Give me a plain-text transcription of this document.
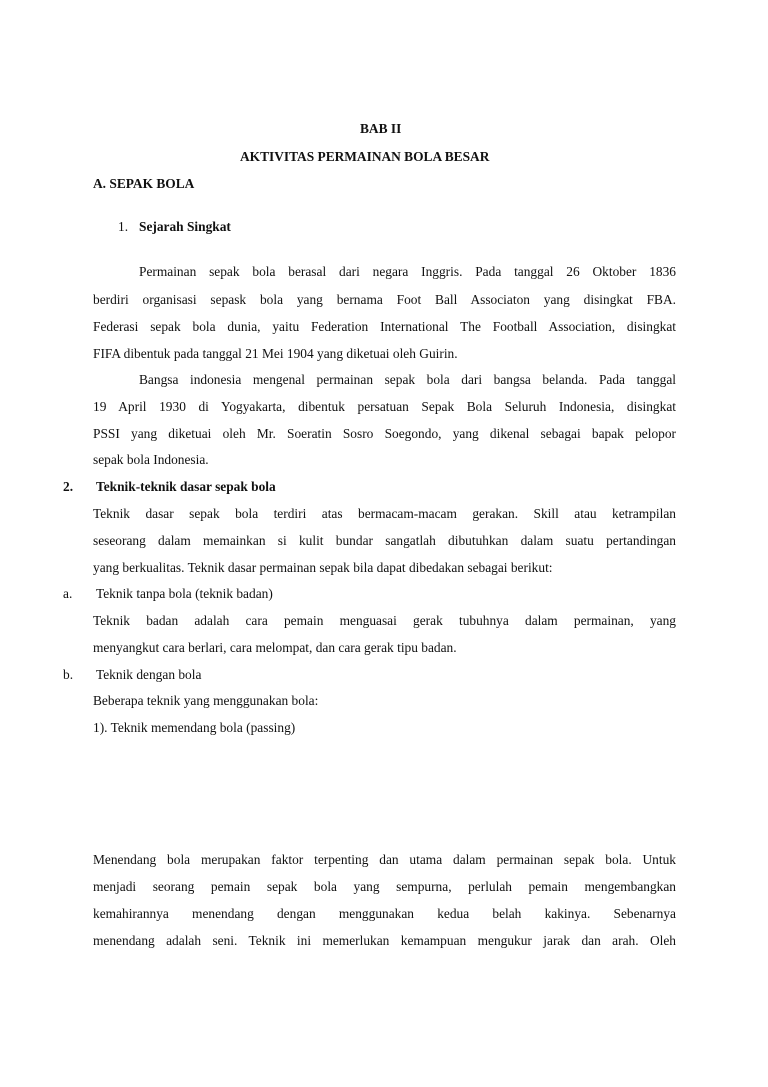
BAB II
AKTIVITAS PERMAINAN BOLA BESAR
A. SEPAK BOLA
1. Sejarah Singkat
Permainan sepak bola berasal dari negara Inggris. Pada tanggal 26 Oktober 1836
berdiri organisasi sepask bola yang bernama Foot Ball Associaton yang disingkat FBA.
Federasi sepak bola dunia, yaitu Federation International The Football Association, disingkat
FIFA dibentuk pada tanggal 21 Mei 1904 yang diketuai oleh Guirin.
Bangsa indonesia mengenal permainan sepak bola dari bangsa belanda. Pada tanggal
19 April 1930 di Yogyakarta, dibentuk persatuan Sepak Bola Seluruh Indonesia, disingkat
PSSI yang diketuai oleh Mr. Soeratin Sosro Soegondo, yang dikenal sebagai bapak pelopor
sepak bola Indonesia.
2. Teknik-teknik dasar sepak bola
Teknik dasar sepak bola terdiri atas bermacam-macam gerakan. Skill atau ketrampilan
seseorang dalam memainkan si kulit bundar sangatlah dibutuhkan dalam suatu pertandingan
yang berkualitas. Teknik dasar permainan sepak bila dapat dibedakan sebagai berikut:
a. Teknik tanpa bola (teknik badan)
Teknik badan adalah cara pemain menguasai gerak tubuhnya dalam permainan, yang
menyangkut cara berlari, cara melompat, dan cara gerak tipu badan.
b. Teknik dengan bola
Beberapa teknik yang menggunakan bola:
1). Teknik memendang bola (passing)
Menendang bola merupakan faktor terpenting dan utama dalam permainan sepak bola. Untuk
menjadi seorang pemain sepak bola yang sempurna, perlulah pemain mengembangkan
kemahirannya menendang dengan menggunakan kedua belah kakinya. Sebenarnya
menendang adalah seni. Teknik ini memerlukan kemampuan mengukur jarak dan arah. Oleh
